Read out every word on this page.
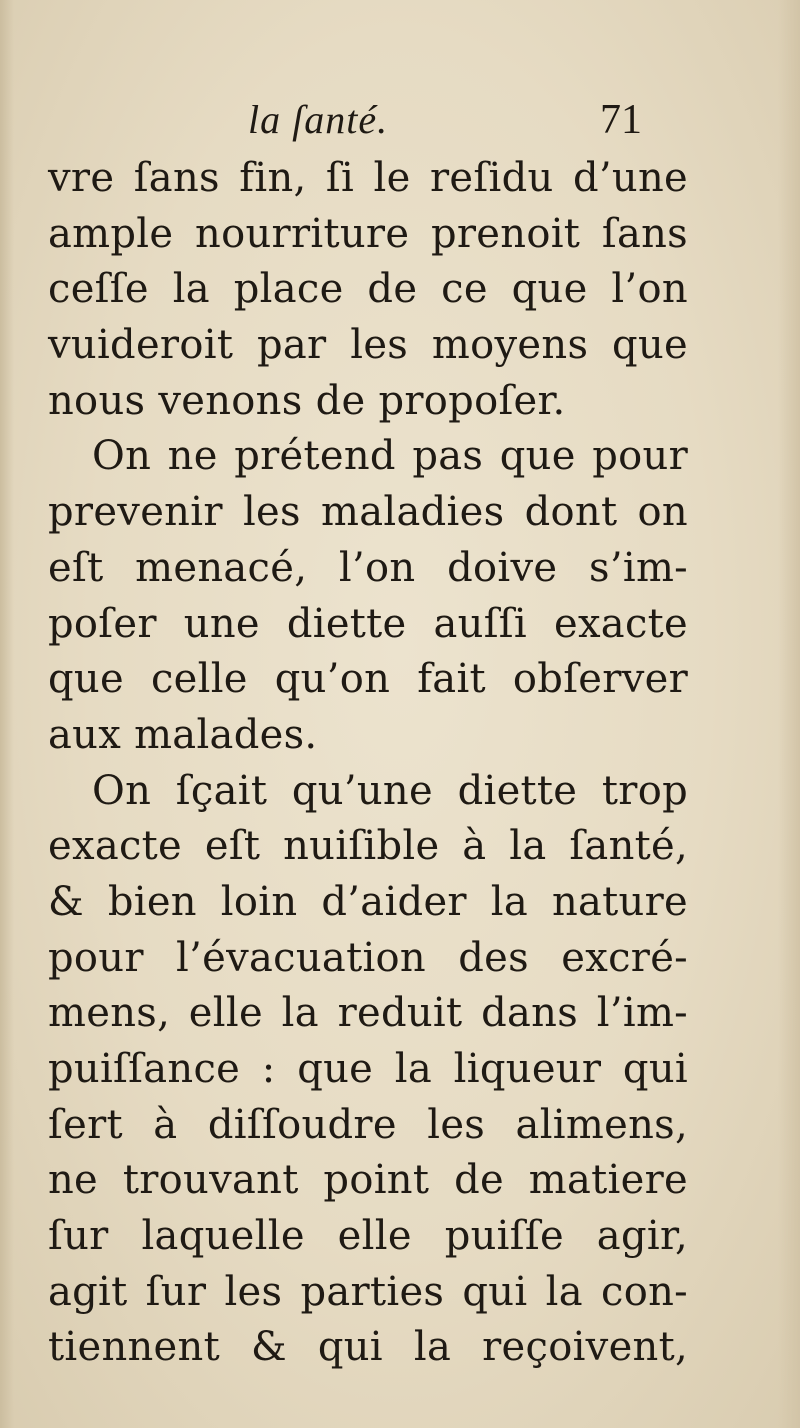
la ſanté.	71
vre ſans fin, ſi le reſidu d’une
ample nourriture prenoit ſans
ceſſe la place de ce que l’on
vuideroit par les moyens que
nous venons de propoſer.
On ne prétend pas que pour
prevenir les maladies dont on
eſt menacé, l’on doive s’im-
poſer une diette auſſi exacte
que celle qu’on fait obſerver
aux malades.
On ſçait qu’une diette trop
exacte eſt nuiſible à la ſanté,
& bien loin d’aider la nature
pour l’évacuation des excré-
mens, elle la reduit dans l’im-
puiſſance : que la liqueur qui
ſert à diſſoudre les alimens,
ne trouvant point de matiere
ſur laquelle elle puiſſe agir,
agit ſur les parties qui la con-
tiennent & qui la reçoivent,
